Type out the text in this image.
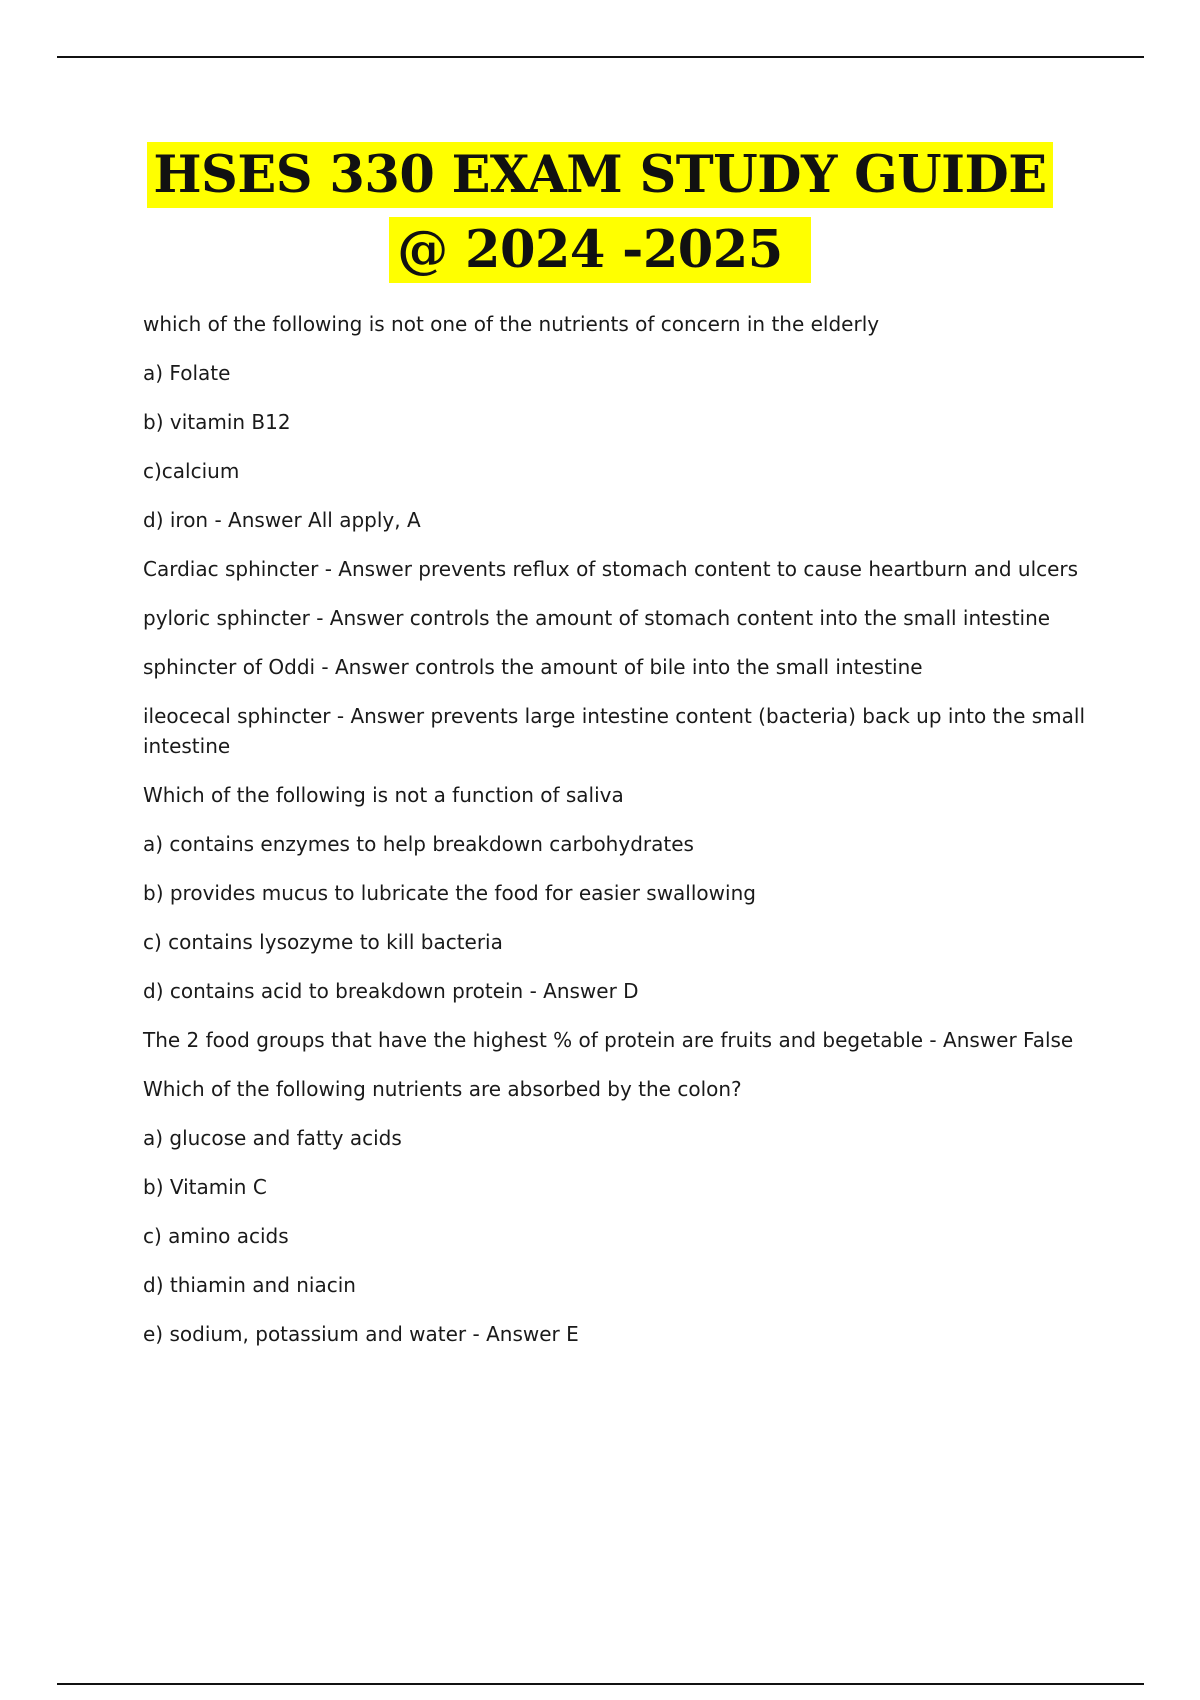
HSES 330 EXAM STUDY GUIDE
@ 2024 -2025

which of the following is not one of the nutrients of concern in the elderly

a) Folate

b) vitamin B12

c)calcium

d) iron - Answer All apply, A

Cardiac sphincter - Answer prevents reflux of stomach content to cause heartburn and ulcers

pyloric sphincter - Answer controls the amount of stomach content into the small intestine

sphincter of Oddi - Answer controls the amount of bile into the small intestine

ileocecal sphincter - Answer prevents large intestine content (bacteria) back up into the small intestine

Which of the following is not a function of saliva

a) contains enzymes to help breakdown carbohydrates

b) provides mucus to lubricate the food for easier swallowing

c) contains lysozyme to kill bacteria

d) contains acid to breakdown protein - Answer D

The 2 food groups that have the highest % of protein are fruits and begetable - Answer False

Which of the following nutrients are absorbed by the colon?

a) glucose and fatty acids

b) Vitamin C

c) amino acids

d) thiamin and niacin

e) sodium, potassium and water - Answer E
